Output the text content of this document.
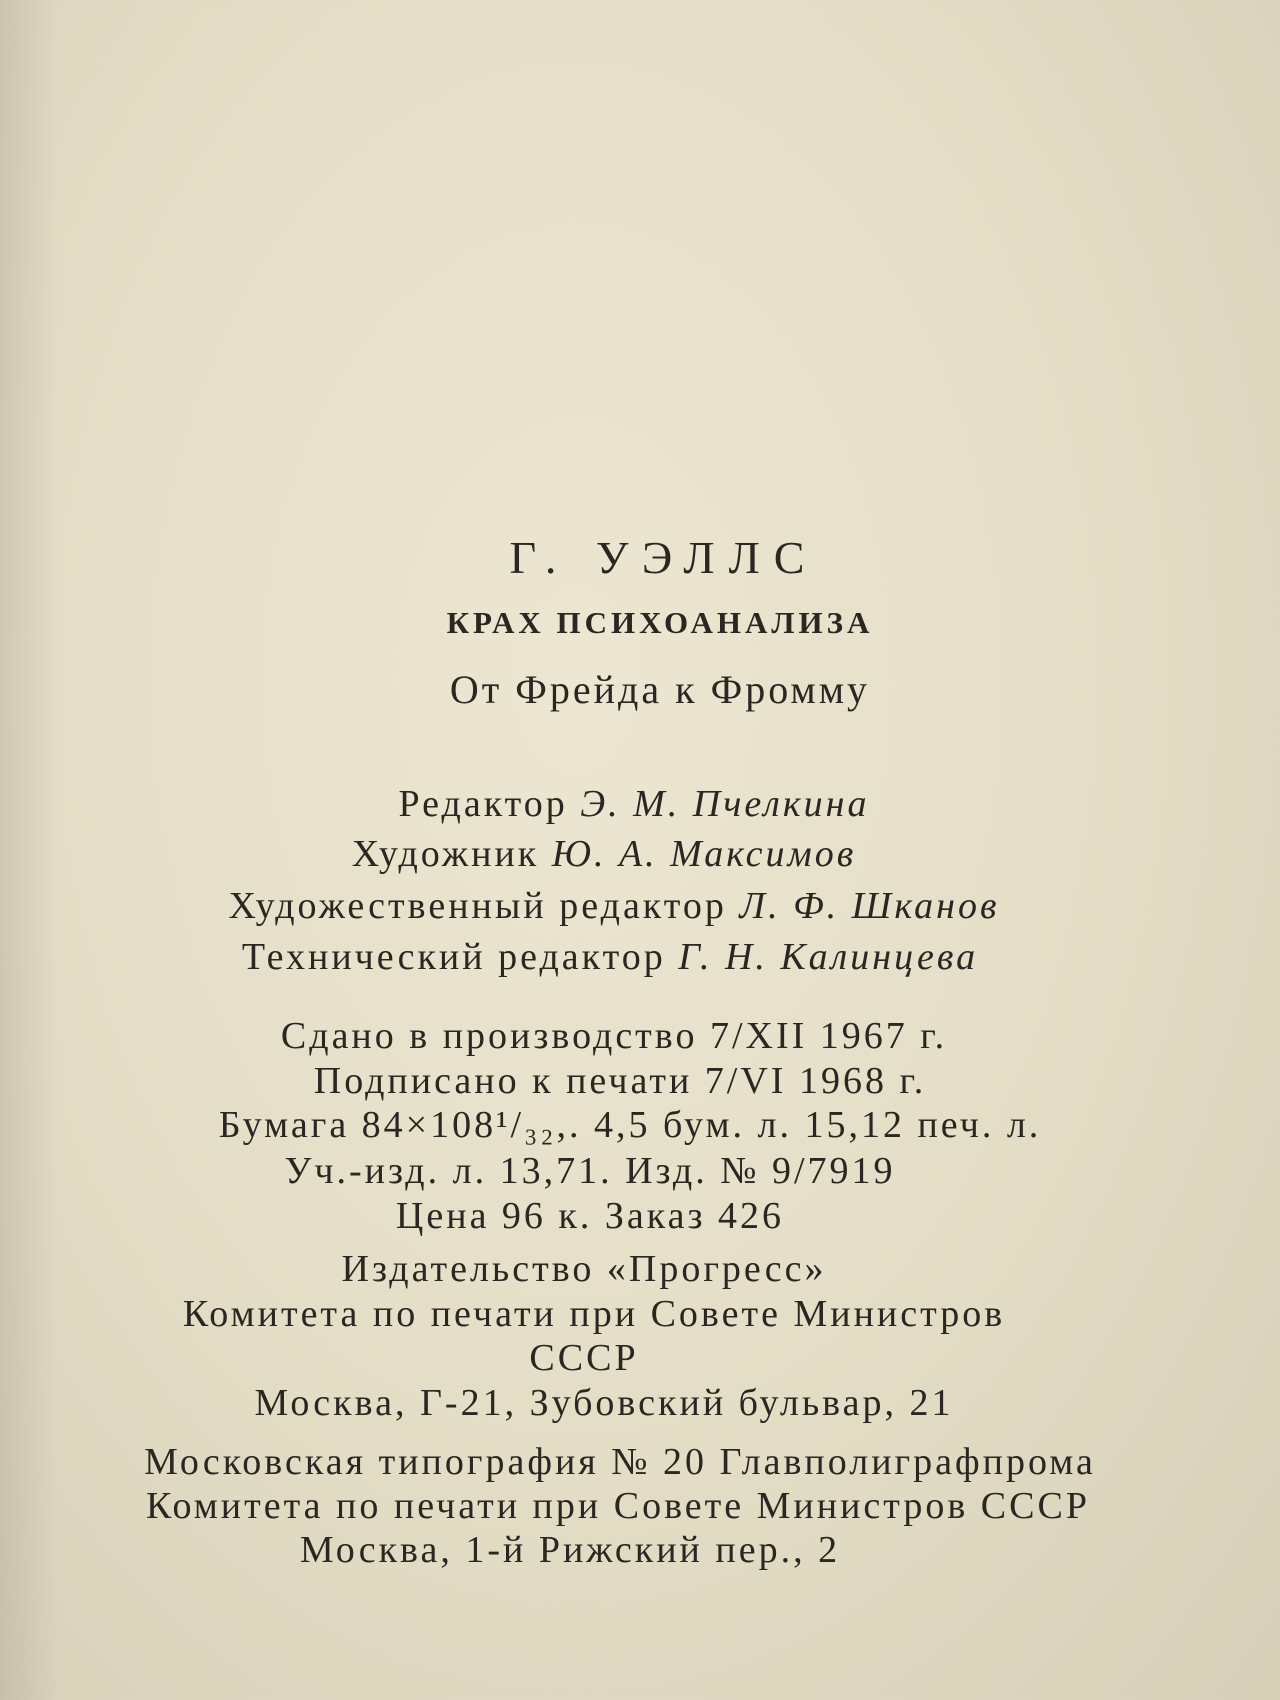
Г. УЭЛЛС
КРАХ ПСИХОАНАЛИЗА
От Фрейда к Фромму
Редактор Э. М. Пчелкина
Художник Ю. А. Максимов
Художественный редактор Л. Ф. Шканов
Технический редактор Г. Н. Калинцева
Сдано в производство 7/XII 1967 г.
Подписано к печати 7/VI 1968 г.
Бумага 84×108¹/₃₂,. 4,5 бум. л. 15,12 печ. л.
Уч.-изд. л. 13,71. Изд. № 9/7919
Цена 96 к. Заказ 426
Издательство «Прогресс»
Комитета по печати при Совете Министров
СССР
Москва, Г-21, Зубовский бульвар, 21
Московская типография № 20 Главполиграфпрома
Комитета по печати при Совете Министров СССР
Москва, 1-й Рижский пер., 2
